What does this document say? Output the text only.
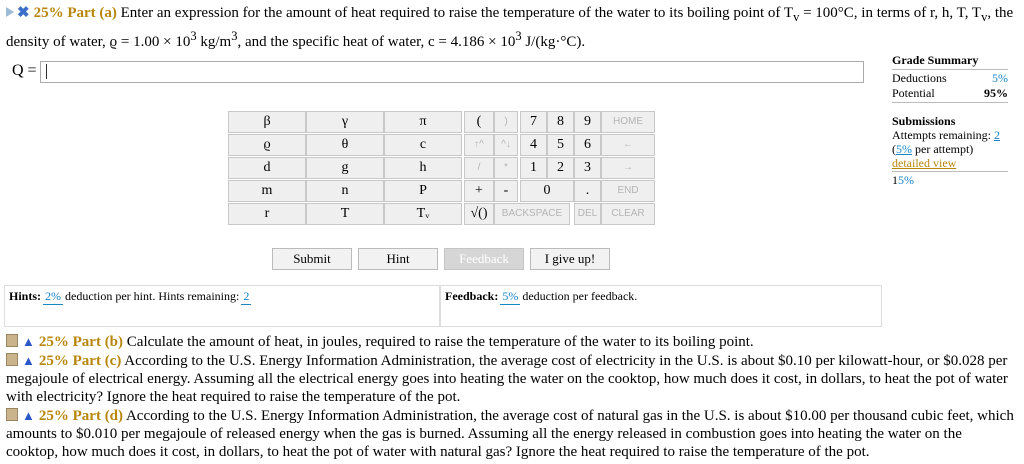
✖ 25% Part (a) Enter an expression for the amount of heat required to raise the temperature of the water to its boiling point of $T_v = 100^\circ C$, in terms of r, h, T, $T_v$, the density of water, $ϱ = 1.00 \times 10^3$ $kg/m^3$, and the specific heat of water, $c = 4.186 \times 10^3$ J/(kg·°C).
Q =
Grade Summary
Deductions	5%
Potential	95%
Submissions
Attempts remaining: 2
(5% per attempt)
detailed view
15%
β	γ	π
ϱ	θ	c
d	g	h
m	n	P
r	T	Tᵥ
(	)
↑^	^↓
/	*
+	-
√()	BACKSPACE
7	8	9	HOME
4	5	6	←
1	2	3	→
0	.	END
DEL	CLEAR
Submit	Hint	Feedback	I give up!
Hints: 2% deduction per hint. Hints remaining: 2	Feedback: 5% deduction per feedback.
▲ 25% Part (b) Calculate the amount of heat, in joules, required to raise the temperature of the water to its boiling point.
▲ 25% Part (c) According to the U.S. Energy Information Administration, the average cost of electricity in the U.S. is about $0.10 per kilowatt-hour, or $0.028 per megajoule of electrical energy. Assuming all the electrical energy goes into heating the water on the cooktop, how much does it cost, in dollars, to heat the pot of water with electricity? Ignore the heat required to raise the temperature of the pot.
▲ 25% Part (d) According to the U.S. Energy Information Administration, the average cost of natural gas in the U.S. is about $10.00 per thousand cubic feet, which amounts to $0.010 per megajoule of released energy when the gas is burned. Assuming all the energy released in combustion goes into heating the water on the cooktop, how much does it cost, in dollars, to heat the pot of water with natural gas? Ignore the heat required to raise the temperature of the pot.
